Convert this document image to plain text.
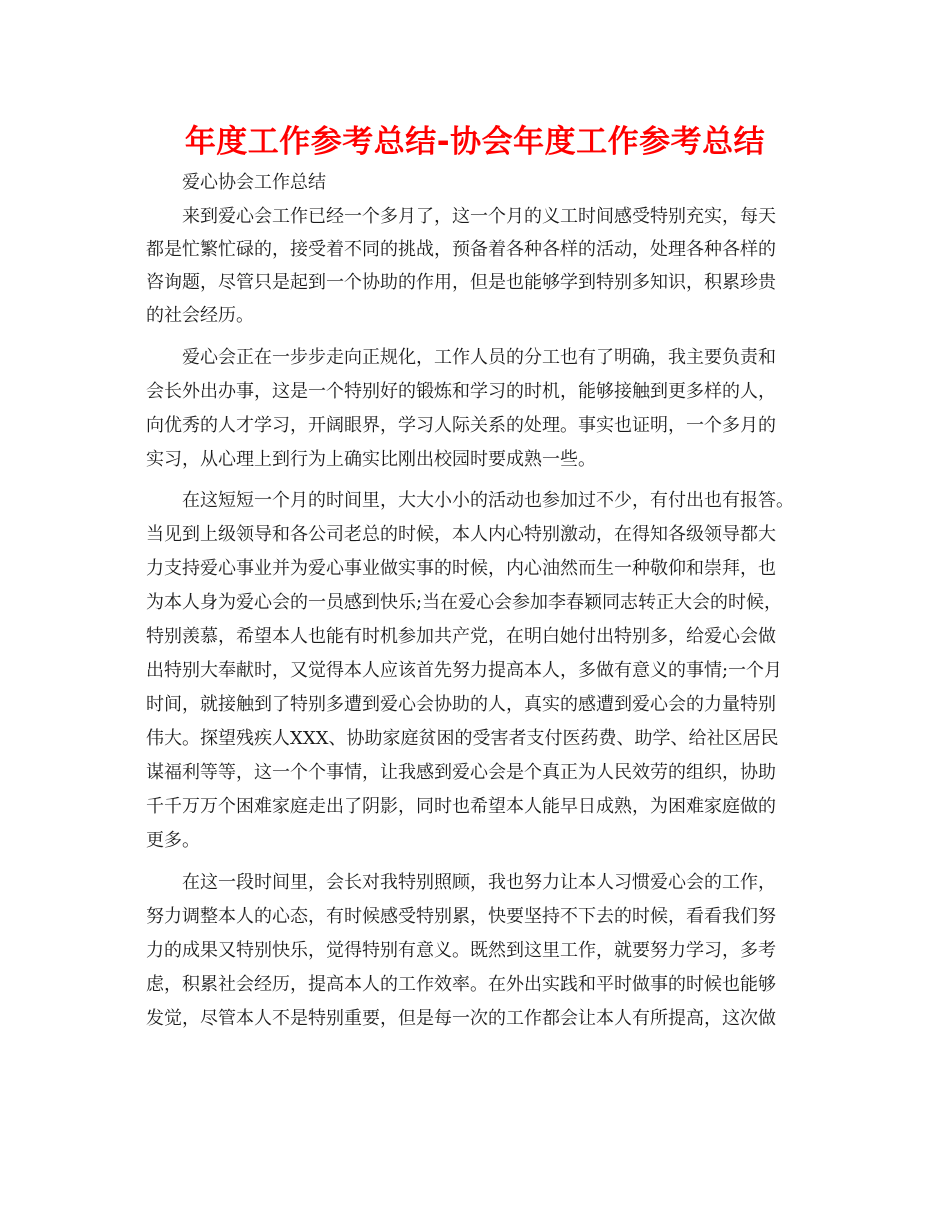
年度工作参考总结-协会年度工作参考总结
爱心协会工作总结
来到爱心会工作已经一个多月了，这一个月的义工时间感受特别充实，每天
都是忙繁忙碌的，接受着不同的挑战，预备着各种各样的活动，处理各种各样的
咨询题，尽管只是起到一个协助的作用，但是也能够学到特别多知识，积累珍贵
的社会经历。
爱心会正在一步步走向正规化，工作人员的分工也有了明确，我主要负责和
会长外出办事，这是一个特别好的锻炼和学习的时机，能够接触到更多样的人，
向优秀的人才学习，开阔眼界，学习人际关系的处理。事实也证明，一个多月的
实习，从心理上到行为上确实比刚出校园时要成熟一些。
在这短短一个月的时间里，大大小小的活动也参加过不少，有付出也有报答。
当见到上级领导和各公司老总的时候，本人内心特别激动，在得知各级领导都大
力支持爱心事业并为爱心事业做实事的时候，内心油然而生一种敬仰和崇拜，也
为本人身为爱心会的一员感到快乐;当在爱心会参加李春颖同志转正大会的时候，
特别羡慕，希望本人也能有时机参加共产党，在明白她付出特别多，给爱心会做
出特别大奉献时，又觉得本人应该首先努力提高本人，多做有意义的事情;一个月
时间，就接触到了特别多遭到爱心会协助的人，真实的感遭到爱心会的力量特别
伟大。探望残疾人XXX、协助家庭贫困的受害者支付医药费、助学、给社区居民
谋福利等等，这一个个事情，让我感到爱心会是个真正为人民效劳的组织，协助
千千万万个困难家庭走出了阴影，同时也希望本人能早日成熟，为困难家庭做的
更多。
在这一段时间里，会长对我特别照顾，我也努力让本人习惯爱心会的工作，
努力调整本人的心态，有时候感受特别累，快要坚持不下去的时候，看看我们努
力的成果又特别快乐，觉得特别有意义。既然到这里工作，就要努力学习，多考
虑，积累社会经历，提高本人的工作效率。在外出实践和平时做事的时候也能够
发觉，尽管本人不是特别重要，但是每一次的工作都会让本人有所提高，这次做
